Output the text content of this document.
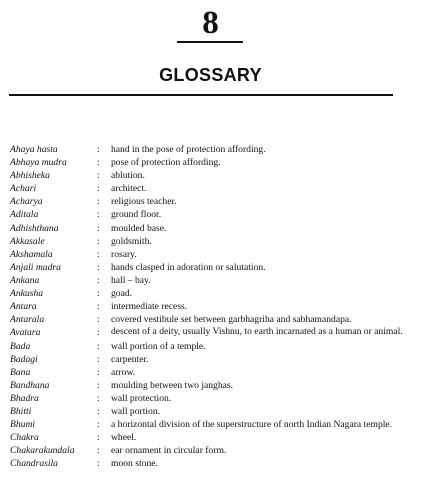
8
GLOSSARY
Ahaya hasta	:	hand in the pose of protection affording.
Abhaya mudra	:	pose of protection affording.
Abhisheka	:	ablution.
Achari	:	architect.
Acharya	:	religious teacher.
Aditala	:	ground floor.
Adhishthana	:	moulded base.
Akkasale	:	goldsmith.
Akshamala	:	rosary.
Anjali mudra	:	hands clasped in adoration or salutation.
Ankana	:	hall – bay.
Ankusha	:	goad.
Antara	:	intermediate recess.
Antarala	:	covered vestibule set between garbhagriha and sabhamandapa.
Avatara	:	descent of a deity, usually Vishnu, to earth incarnated as a human or animal.
Bada	:	wall portion of a temple.
Badagi	:	carpenter.
Bana	:	arrow.
Bandhana	:	moulding between two janghas.
Bhadra	:	wall protection.
Bhitti	:	wall portion.
Bhumi	:	a horizontal division of the superstructure of north Indian Nagara temple.
Chakra	:	wheel.
Chakarakundala	:	ear ornament in circular form.
Chandrasila	:	moon stone.
